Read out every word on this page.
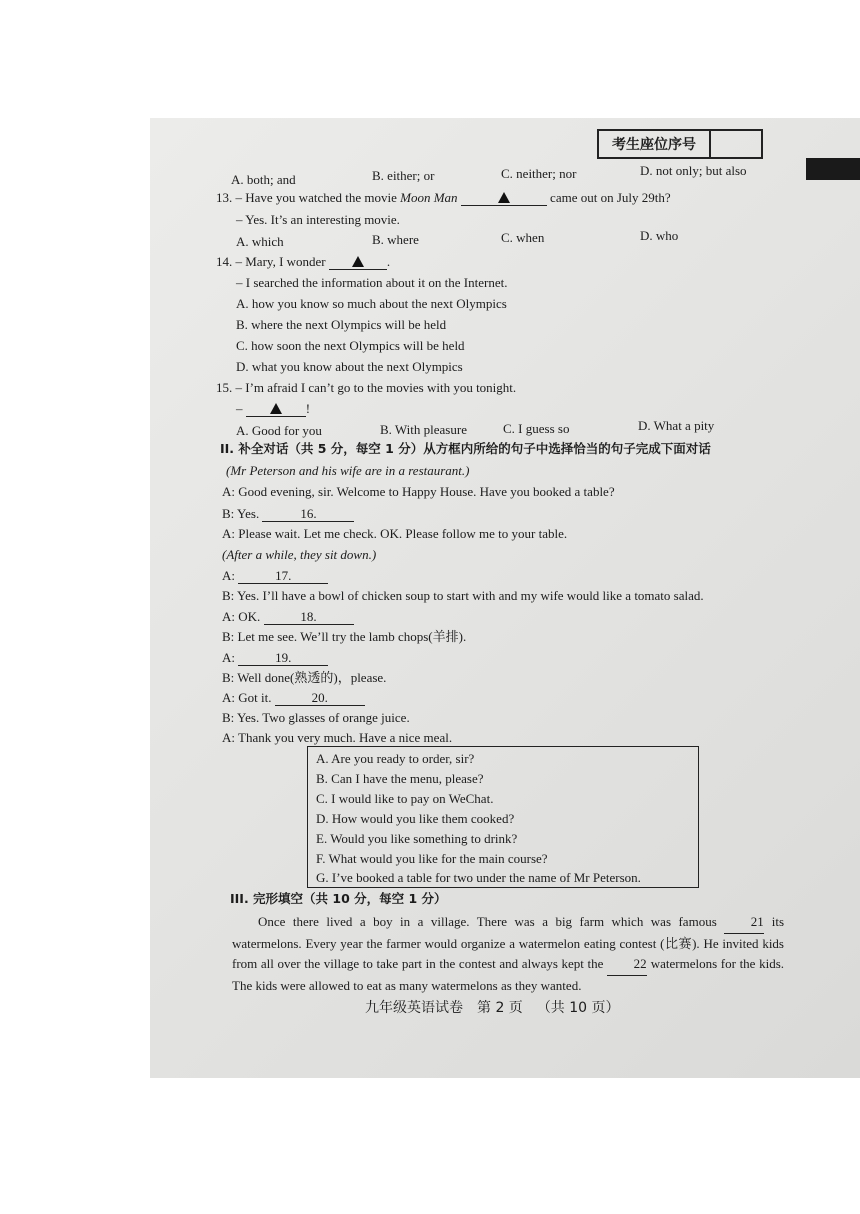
考生座位序号
A. both; and	B. either; or	C. neither; nor	D. not only; but also
13. – Have you watched the movie Moon Man	came out on July 29th?
– Yes. It’s an interesting movie.
A. which	B. where	C. when	D. who
14. – Mary, I wonder	.
– I searched the information about it on the Internet.
A. how you know so much about the next Olympics
B. where the next Olympics will be held
C. how soon the next Olympics will be held
D. what you know about the next Olympics
15. – I’m afraid I can’t go to the movies with you tonight.
–	!
A. Good for you	B. With pleasure	C. I guess so	D. What a pity
II. 补全对话（共 5 分，每空 1 分）从方框内所给的句子中选择恰当的句子完成下面对话
(Mr Peterson and his wife are in a restaurant.)
A: Good evening, sir. Welcome to Happy House. Have you booked a table?
B: Yes.	16.
A: Please wait. Let me check. OK. Please follow me to your table.
(After a while, they sit down.)
A:	17.
B: Yes. I’ll have a bowl of chicken soup to start with and my wife would like a tomato salad.
A: OK.	18.
B: Let me see. We’ll try the lamb chops(羊排).
A:	19.
B: Well done(熟透的)，please.
A: Got it.	20.
B: Yes. Two glasses of orange juice.
A: Thank you very much. Have a nice meal.
A. Are you ready to order, sir?
B. Can I have the menu, please?
C. I would like to pay on WeChat.
D. How would you like them cooked?
E. Would you like something to drink?
F. What would you like for the main course?
G. I’ve booked a table for two under the name of Mr Peterson.
III. 完形填空（共 10 分，每空 1 分）
Once there lived a boy in a village. There was a big farm which was famous	21 its watermelons. Every year the farmer would organize a watermelon eating contest (比赛). He invited kids from all over the village to take part in the contest and always kept the 22 watermelons for the kids. The kids were allowed to eat as many watermelons as they wanted.
九年级英语试卷 第 2 页 （共 10 页）
